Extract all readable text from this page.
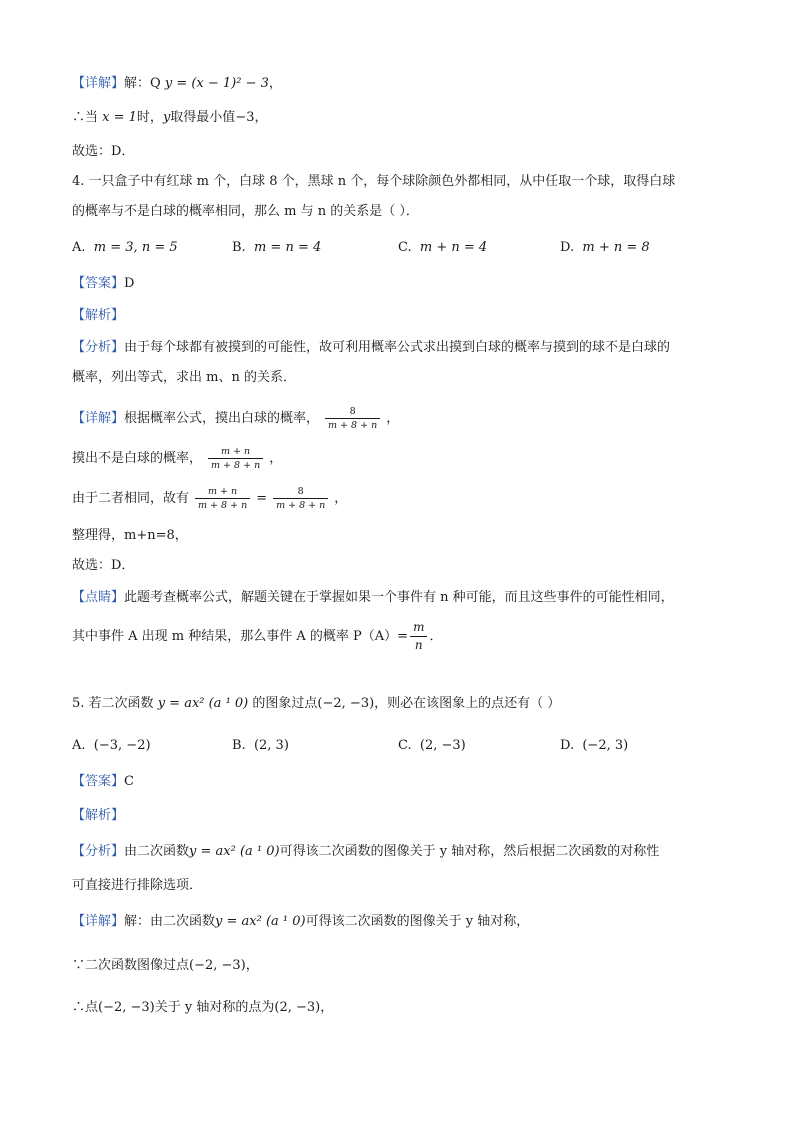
【详解】解：Q y = (x − 1)² − 3，
∴当 x = 1时，y取得最小值−3，
故选：D．
4. 一只盒子中有红球 m 个，白球 8 个，黑球 n 个，每个球除颜色外都相同，从中任取一个球，取得白球
的概率与不是白球的概率相同，那么 m 与 n 的关系是（ ）．
A. m = 3, n = 5	B. m = n = 4	C. m + n = 4	D. m + n = 8
【答案】D
【解析】
【分析】由于每个球都有被摸到的可能性，故可利用概率公式求出摸到白球的概率与摸到的球不是白球的
概率，列出等式，求出 m、n 的关系．
【详解】根据概率公式，摸出白球的概率， $\frac{8}{m + 8 + n}$ ，
摸出不是白球的概率， $\frac{m + n}{m + 8 + n}$ ，
由于二者相同，故有 $\frac{m + n}{m + 8 + n} = \frac{8}{m + 8 + n}$ ，
整理得，m+n=8，
故选：D．
【点睛】此题考查概率公式，解题关键在于掌握如果一个事件有 n 种可能，而且这些事件的可能性相同，
其中事件 A 出现 m 种结果，那么事件 A 的概率 $P(A)= \frac{m}{n}$ ．
5. 若二次函数 y = ax² (a ¹ 0) 的图象过点(−2, −3)，则必在该图象上的点还有（ ）
A. (−3, −2)	B. (2, 3)	C. (2, −3)	D. (−2, 3)
【答案】C
【解析】
【分析】由二次函数y = ax² (a ¹ 0)可得该二次函数的图像关于 y 轴对称，然后根据二次函数的对称性
可直接进行排除选项．
【详解】解：由二次函数y = ax² (a ¹ 0)可得该二次函数的图像关于 y 轴对称，
∵二次函数图像过点(−2, −3)，
∴点(−2, −3)关于 y 轴对称的点为(2, −3)，
